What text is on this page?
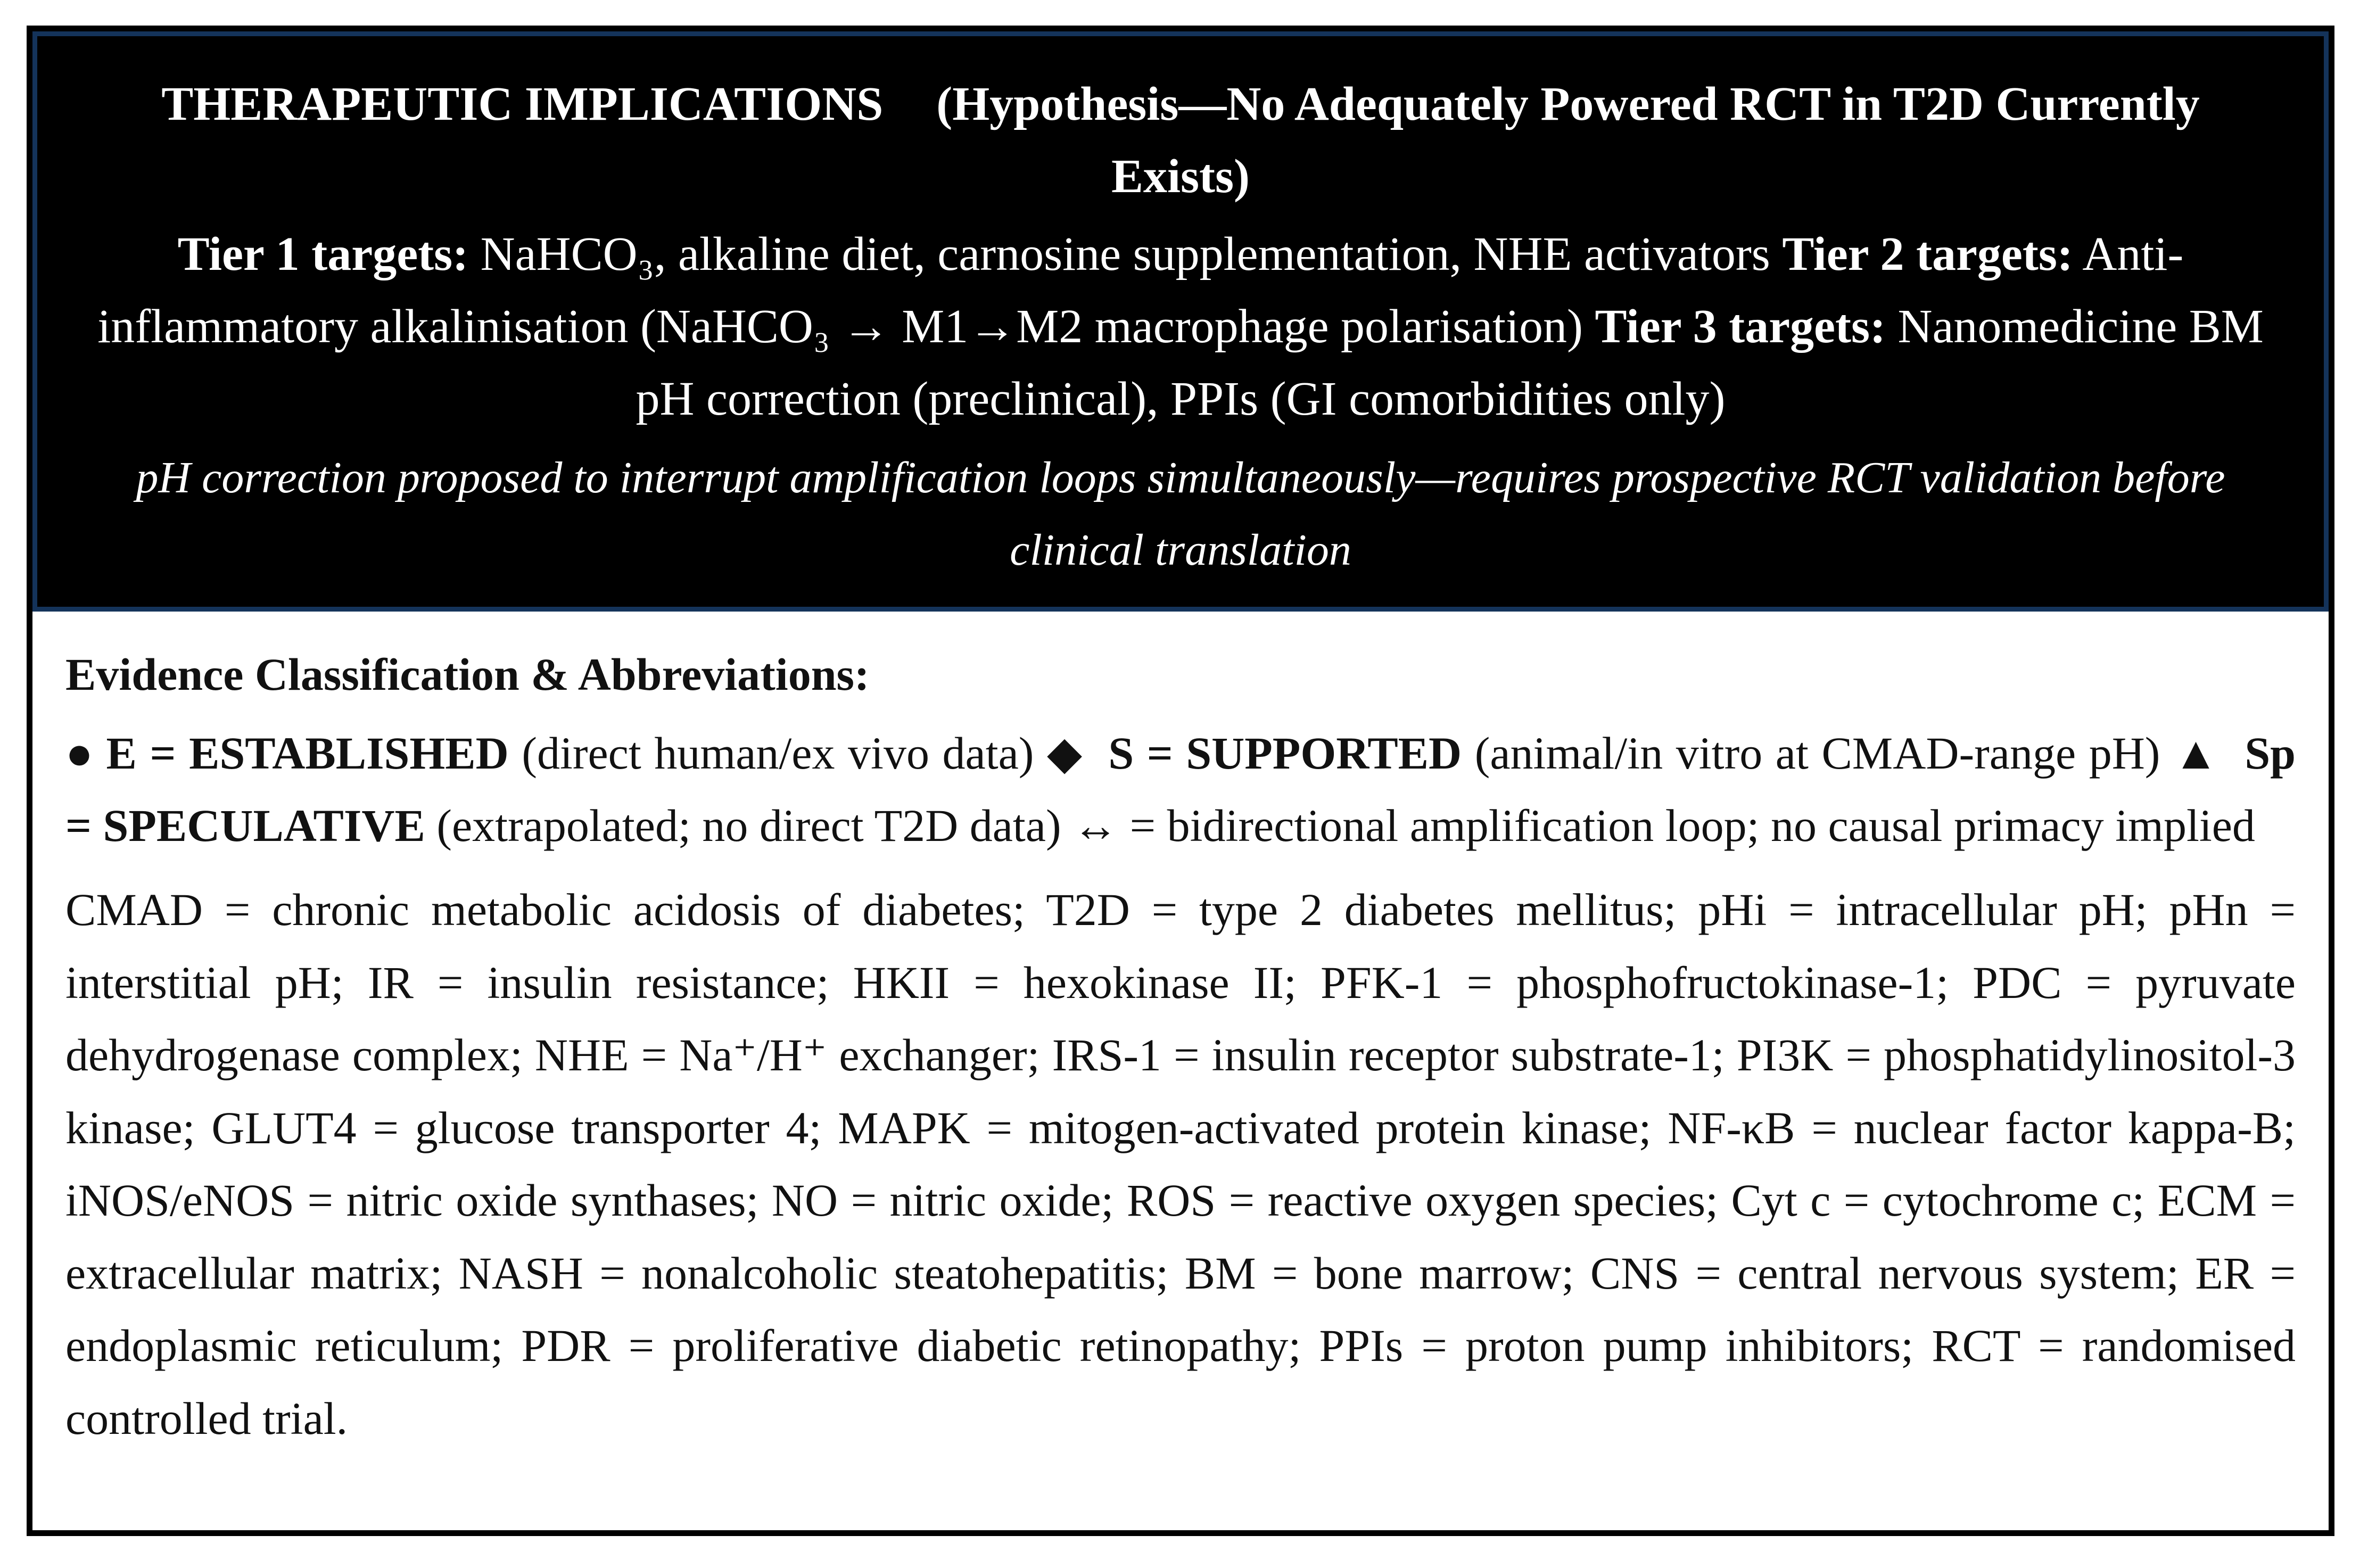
THERAPEUTIC IMPLICATIONS (Hypothesis—No Adequately Powered RCT in T2D Currently Exists)

Tier 1 targets: NaHCO₃, alkaline diet, carnosine supplementation, NHE activators Tier 2 targets: Anti-inflammatory alkalinisation (NaHCO₃ → M1→M2 macrophage polarisation) Tier 3 targets: Nanomedicine BM pH correction (preclinical), PPIs (GI comorbidities only)

pH correction proposed to interrupt amplification loops simultaneously—requires prospective RCT validation before clinical translation

Evidence Classification & Abbreviations:

● E = ESTABLISHED (direct human/ex vivo data) ◆ S = SUPPORTED (animal/in vitro at CMAD-range pH) ▲ Sp = SPECULATIVE (extrapolated; no direct T2D data) ↔ = bidirectional amplification loop; no causal primacy implied

CMAD = chronic metabolic acidosis of diabetes; T2D = type 2 diabetes mellitus; pHi = intracellular pH; pHn = interstitial pH; IR = insulin resistance; HKII = hexokinase II; PFK-1 = phosphofructokinase-1; PDC = pyruvate dehydrogenase complex; NHE = Na⁺/H⁺ exchanger; IRS-1 = insulin receptor substrate-1; PI3K = phosphatidylinositol-3 kinase; GLUT4 = glucose transporter 4; MAPK = mitogen-activated protein kinase; NF-κB = nuclear factor kappa-B; iNOS/eNOS = nitric oxide synthases; NO = nitric oxide; ROS = reactive oxygen species; Cyt c = cytochrome c; ECM = extracellular matrix; NASH = nonalcoholic steatohepatitis; BM = bone marrow; CNS = central nervous system; ER = endoplasmic reticulum; PDR = proliferative diabetic retinopathy; PPIs = proton pump inhibitors; RCT = randomised controlled trial.
